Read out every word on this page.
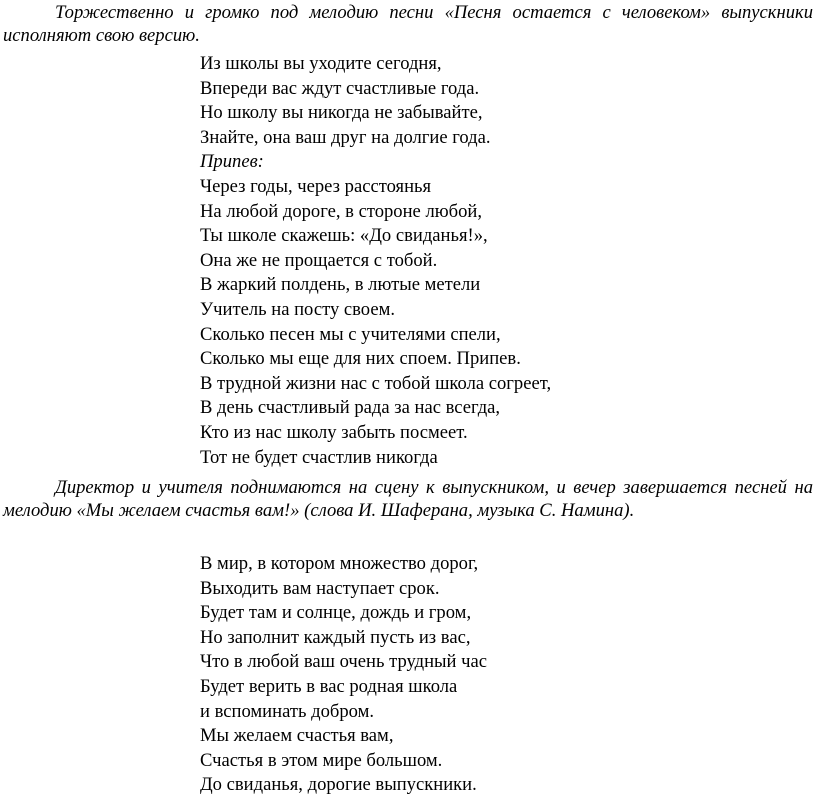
Торжественно и громко под мелодию песни «Песня остается с человеком» выпускники исполняют свою версию.
Из школы вы уходите сегодня,
Впереди вас ждут счастливые года.
Но школу вы никогда не забывайте,
Знайте, она ваш друг на долгие года.
Припев:
Через годы, через расстоянья
На любой дороге, в стороне любой,
Ты школе скажешь: «До свиданья!»,
Она же не прощается с тобой.
В жаркий полдень, в лютые метели
Учитель на посту своем.
Сколько песен мы с учителями спели,
Сколько мы еще для них споем. Припев.
В трудной жизни нас с тобой школа согреет,
В день счастливый рада за нас всегда,
Кто из нас школу забыть посмеет.
Тот не будет счастлив никогда
Директор и учителя поднимаются на сцену к выпускником, и вечер завершается песней на мелодию «Мы желаем счастья вам!» (слова И. Шаферана, музыка С. Намина).
В мир, в котором множество дорог,
Выходить вам наступает срок.
Будет там и солнце, дождь и гром,
Но заполнит каждый пусть из вас,
Что в любой ваш очень трудный час
Будет верить в вас родная школа
и вспоминать добром.
Мы желаем счастья вам,
Счастья в этом мире большом.
До свиданья, дорогие выпускники.
